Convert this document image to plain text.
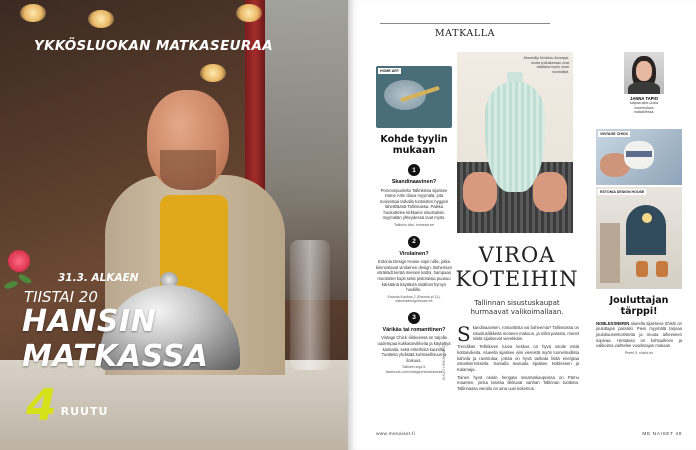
YKKÖSLUOKAN MATKASEURAA
31.3. ALKAEN
TIISTAI 20
HANSIN MATKASSA
4 RUUTU
MATKALLA
HOME ART
Kohde tyylin mukaan
1
Skandinaavinen?
Porvoonpuolelta Tallinkissa sijaitsee Home Artin tilava myymälä, jota mainostaa tarkalla tuntoisten hyggen lähettiläänä Tallinnassa. Paikka houkuttelee kirkkaine sisustuksin myymälän yhteydessä ovat myös.
Tallinkin ääri, homeart.ee
2
Virolainen?
Estonia Design House sopii niille, jotka kiinnostavat virolainen design. Bohemian vöräkädt kerää miesien kattoi, hampaan muotoiset kupit sekä pistoraisia puusuu kärsäänä käyttäviä sisälivät hymyn huuliille.
Estonia Kaubus 2 (Estonia pl 11), estoniadesignhouse.ee
3
Värikäs tai romanttinen?
Vintage Chick -liikkeessä on tarjolla uudempaa kukkatarvikkeita ja käytettyä kankaita, sekä eriterhisiä kaunilta. Tuotteita yhdistää koristeellisuus ja iloisuus.
Tallinkin kuja 5, facebook.com/vintagechicksestonia
Muotoilija Kristiina Jooseppi, mutta työkaluinaan ovat villaisiksi myös omat muotoilijat.
VIROA KOTEIHIN
Tallinnan sisustuskaupat hurmaavat valikoimallaan.

Skandinaavinen, romanttista vai boheemia? Tallinnassa on sisustusliikkeitä moneen makuun, ja miltä parasta, monet niistä sijaitsevat vierekkäin.

Trendikäs Telliskiven luova keskus on hyvä osoite etsiä kotitarvikeita. Alueella sijaitsee viisi viereistä myös tunnelmallista kahvila ja ravintolaa, joissa on hyvä tankata lisää energiaa ostoskierroksella. Samalla seutuala sijaitsee Nobleseen ja Kalamaja.

Toinen hyvä osoite hengata sisustuskaupoissa on Pärnu maantee, jonka lasissa liikkuvat vanhan Tallinnan tuotteita. Tallinnassa vierailu on aina uusi kokemus.

KUVAT HEIKKI RANTA
JANNA TAPIO
kaipaa aina uusia kokemuksia matkaillessa.
VINTAGE CHICK
ESTONIA DESIGN HOUSE
Jouluttajan tärppi!
NOBLESSNERIN alueella sijaitseva Shishi on jouluttajan paratiisi. Pieni myymälä tarjoaa joulukuusenkoristeita ja muuta aiheeseen sopivaa. Hintataso on kohtuullinen ja valikoima vaihtelee vuodenajan mukaan.
Peetri 5, shishi.ee
www.menaiset.fi	ME NAISET 49
